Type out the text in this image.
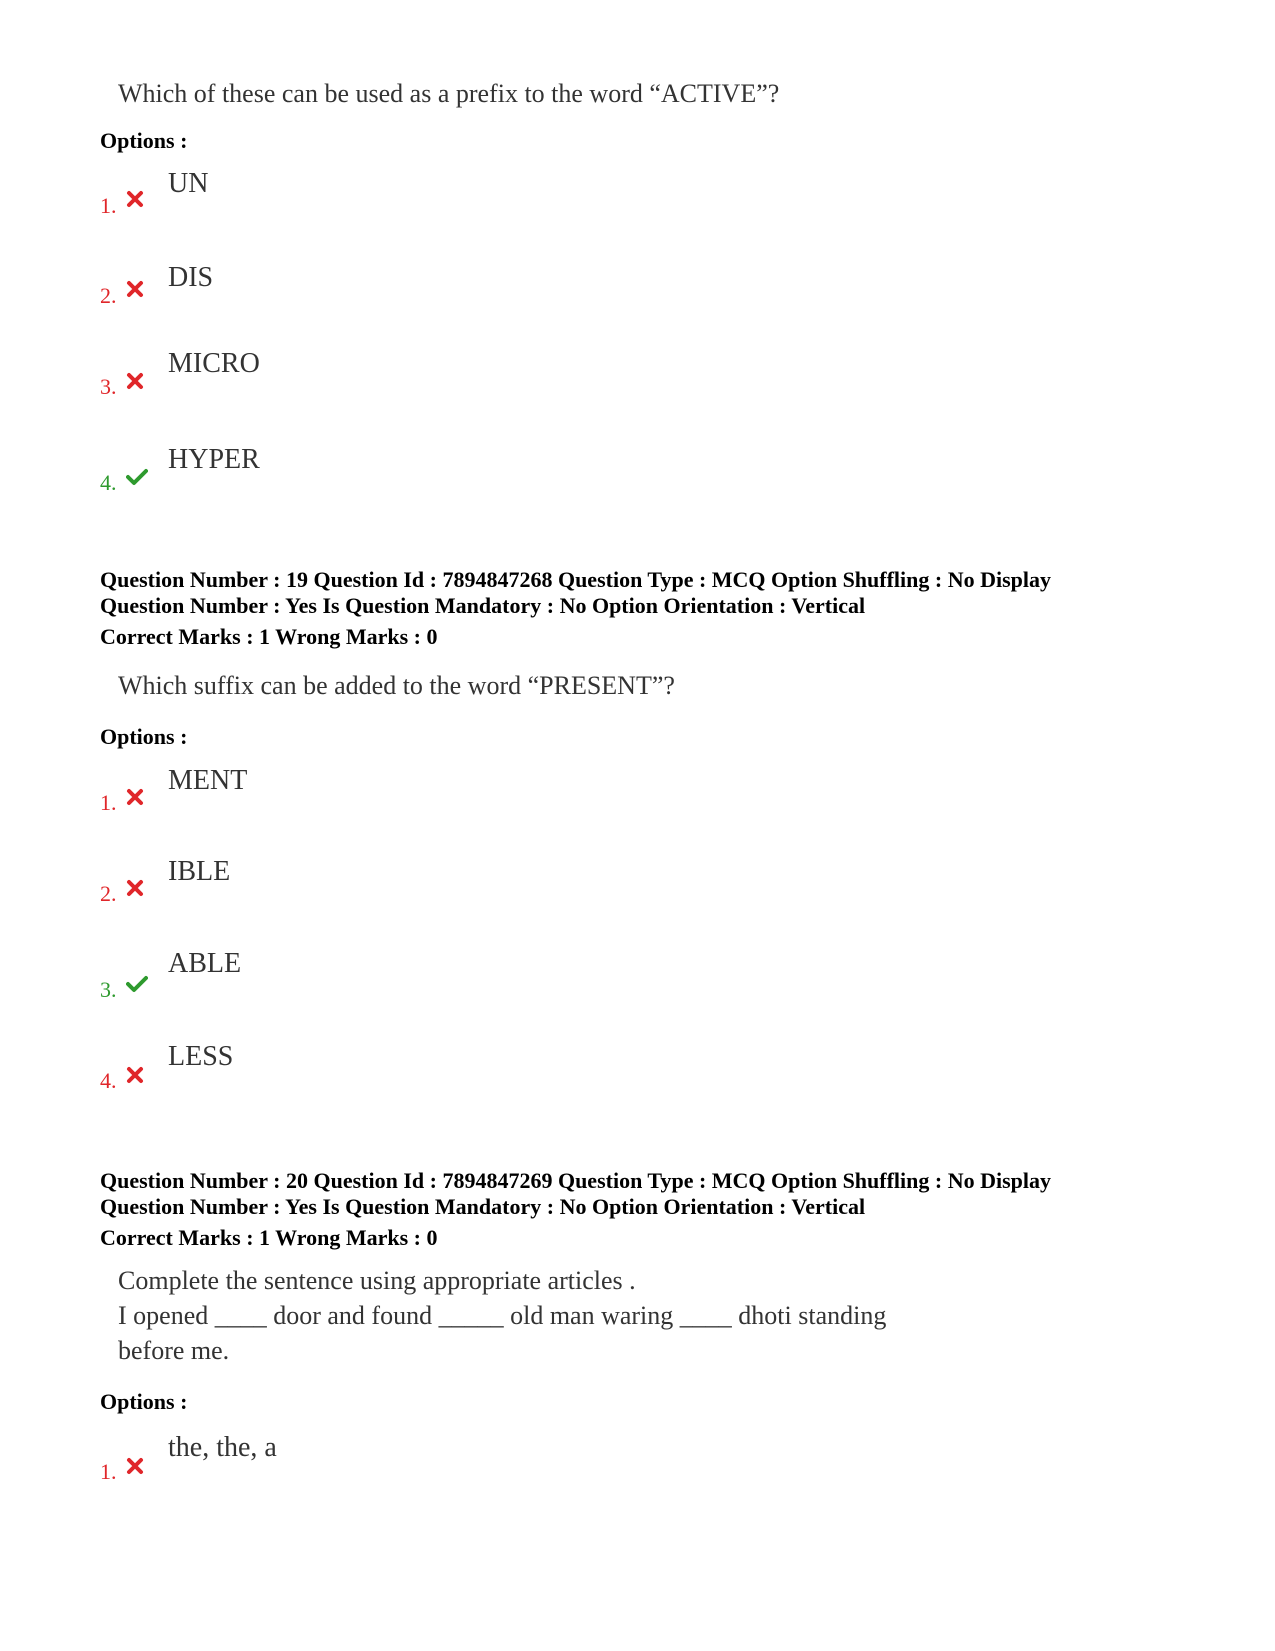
Which of these can be used as a prefix to the word “ACTIVE”?
Options :
1.
UN
2.
DIS
3.
MICRO
4.
HYPER
Question Number : 19 Question Id : 7894847268 Question Type : MCQ Option Shuffling : No Display
Question Number : Yes Is Question Mandatory : No Option Orientation : Vertical
Correct Marks : 1 Wrong Marks : 0
Which suffix can be added to the word “PRESENT”?
Options :
1.
MENT
2.
IBLE
3.
ABLE
4.
LESS
Question Number : 20 Question Id : 7894847269 Question Type : MCQ Option Shuffling : No Display
Question Number : Yes Is Question Mandatory : No Option Orientation : Vertical
Correct Marks : 1 Wrong Marks : 0
Complete the sentence using appropriate articles .
I opened ____ door and found _____ old man waring ____ dhoti standing
before me.
Options :
1.
the, the, a
